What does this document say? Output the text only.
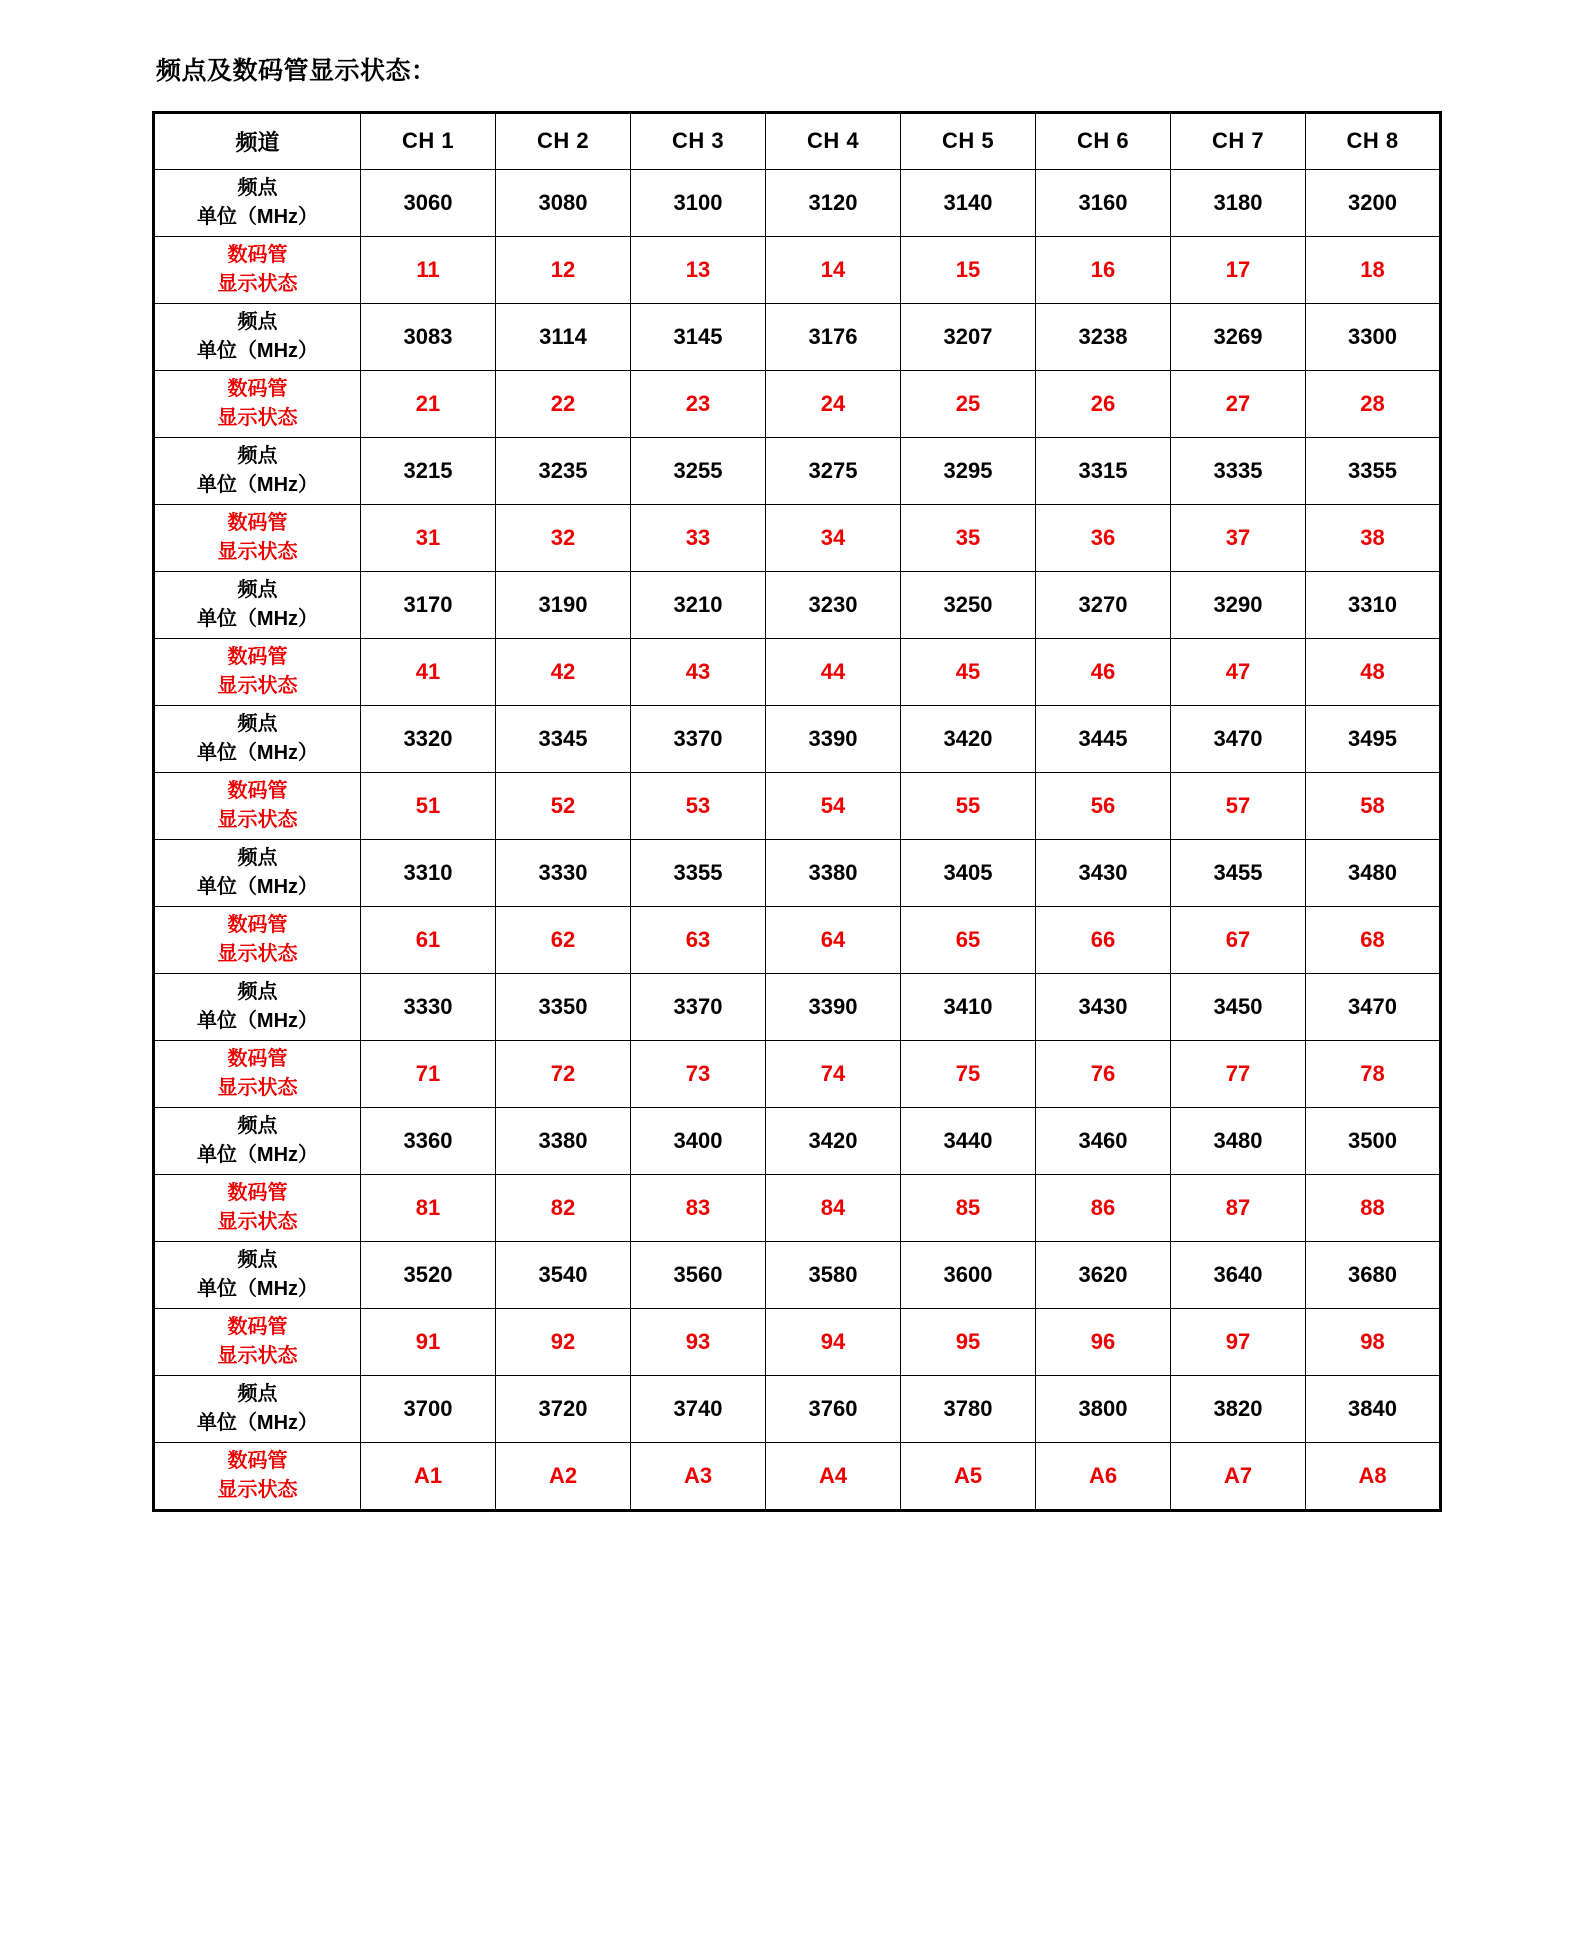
频点及数码管显示状态：
频道	CH 1	CH 2	CH 3	CH 4	CH 5	CH 6	CH 7	CH 8

频点
单位（MHz）	3060	3080	3100	3120	3140	3160	3180	3200

数码管
显示状态	11	12	13	14	15	16	17	18

频点
单位（MHz）	3083	3114	3145	3176	3207	3238	3269	3300

数码管
显示状态	21	22	23	24	25	26	27	28

频点
单位（MHz）	3215	3235	3255	3275	3295	3315	3335	3355

数码管
显示状态	31	32	33	34	35	36	37	38

频点
单位（MHz）	3170	3190	3210	3230	3250	3270	3290	3310

数码管
显示状态	41	42	43	44	45	46	47	48

频点
单位（MHz）	3320	3345	3370	3390	3420	3445	3470	3495

数码管
显示状态	51	52	53	54	55	56	57	58

频点
单位（MHz）	3310	3330	3355	3380	3405	3430	3455	3480

数码管
显示状态	61	62	63	64	65	66	67	68

频点
单位（MHz）	3330	3350	3370	3390	3410	3430	3450	3470

数码管
显示状态	71	72	73	74	75	76	77	78

频点
单位（MHz）	3360	3380	3400	3420	3440	3460	3480	3500

数码管
显示状态	81	82	83	84	85	86	87	88

频点
单位（MHz）	3520	3540	3560	3580	3600	3620	3640	3680

数码管
显示状态	91	92	93	94	95	96	97	98

频点
单位（MHz）	3700	3720	3740	3760	3780	3800	3820	3840

数码管
显示状态	A1	A2	A3	A4	A5	A6	A7	A8
